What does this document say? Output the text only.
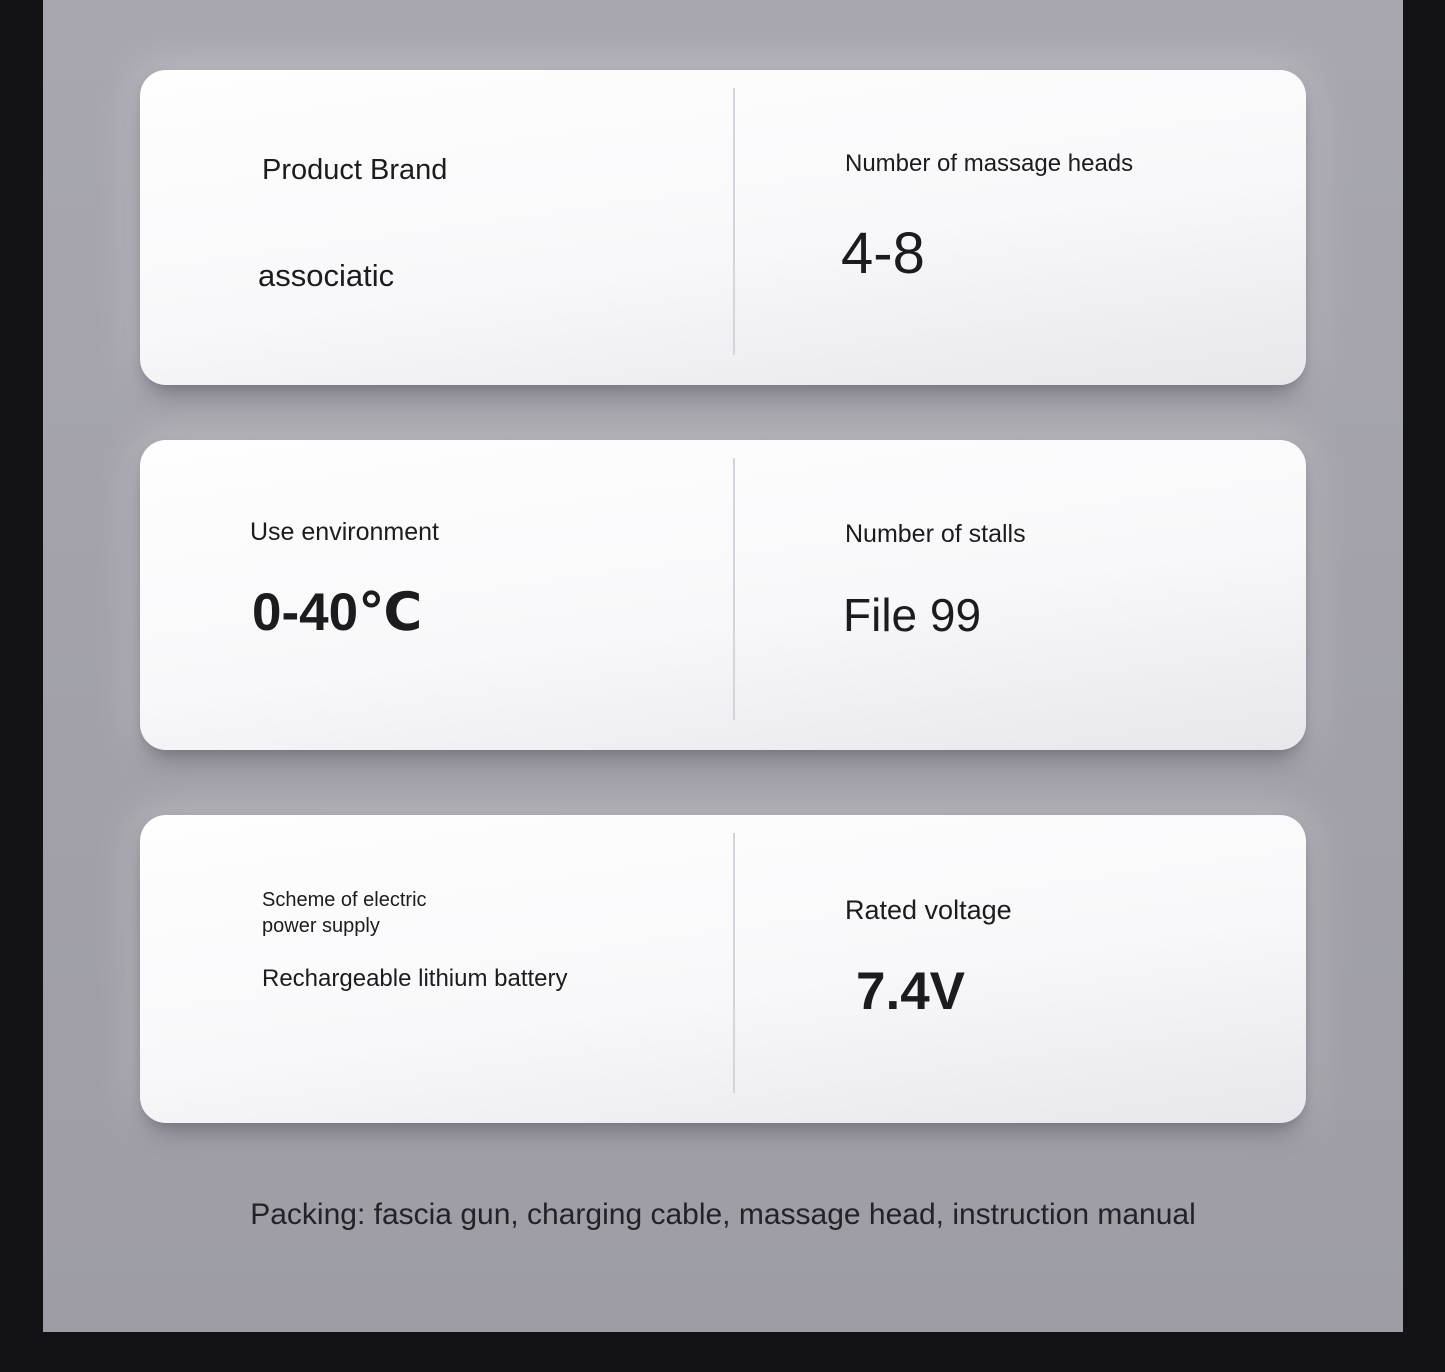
Product Brand
associatic
Number of massage heads
4-8
Use environment
0-40℃
Number of stalls
File 99
Scheme of electric power supply
Rechargeable lithium battery
Rated voltage
7.4V
Packing: fascia gun, charging cable, massage head, instruction manual
